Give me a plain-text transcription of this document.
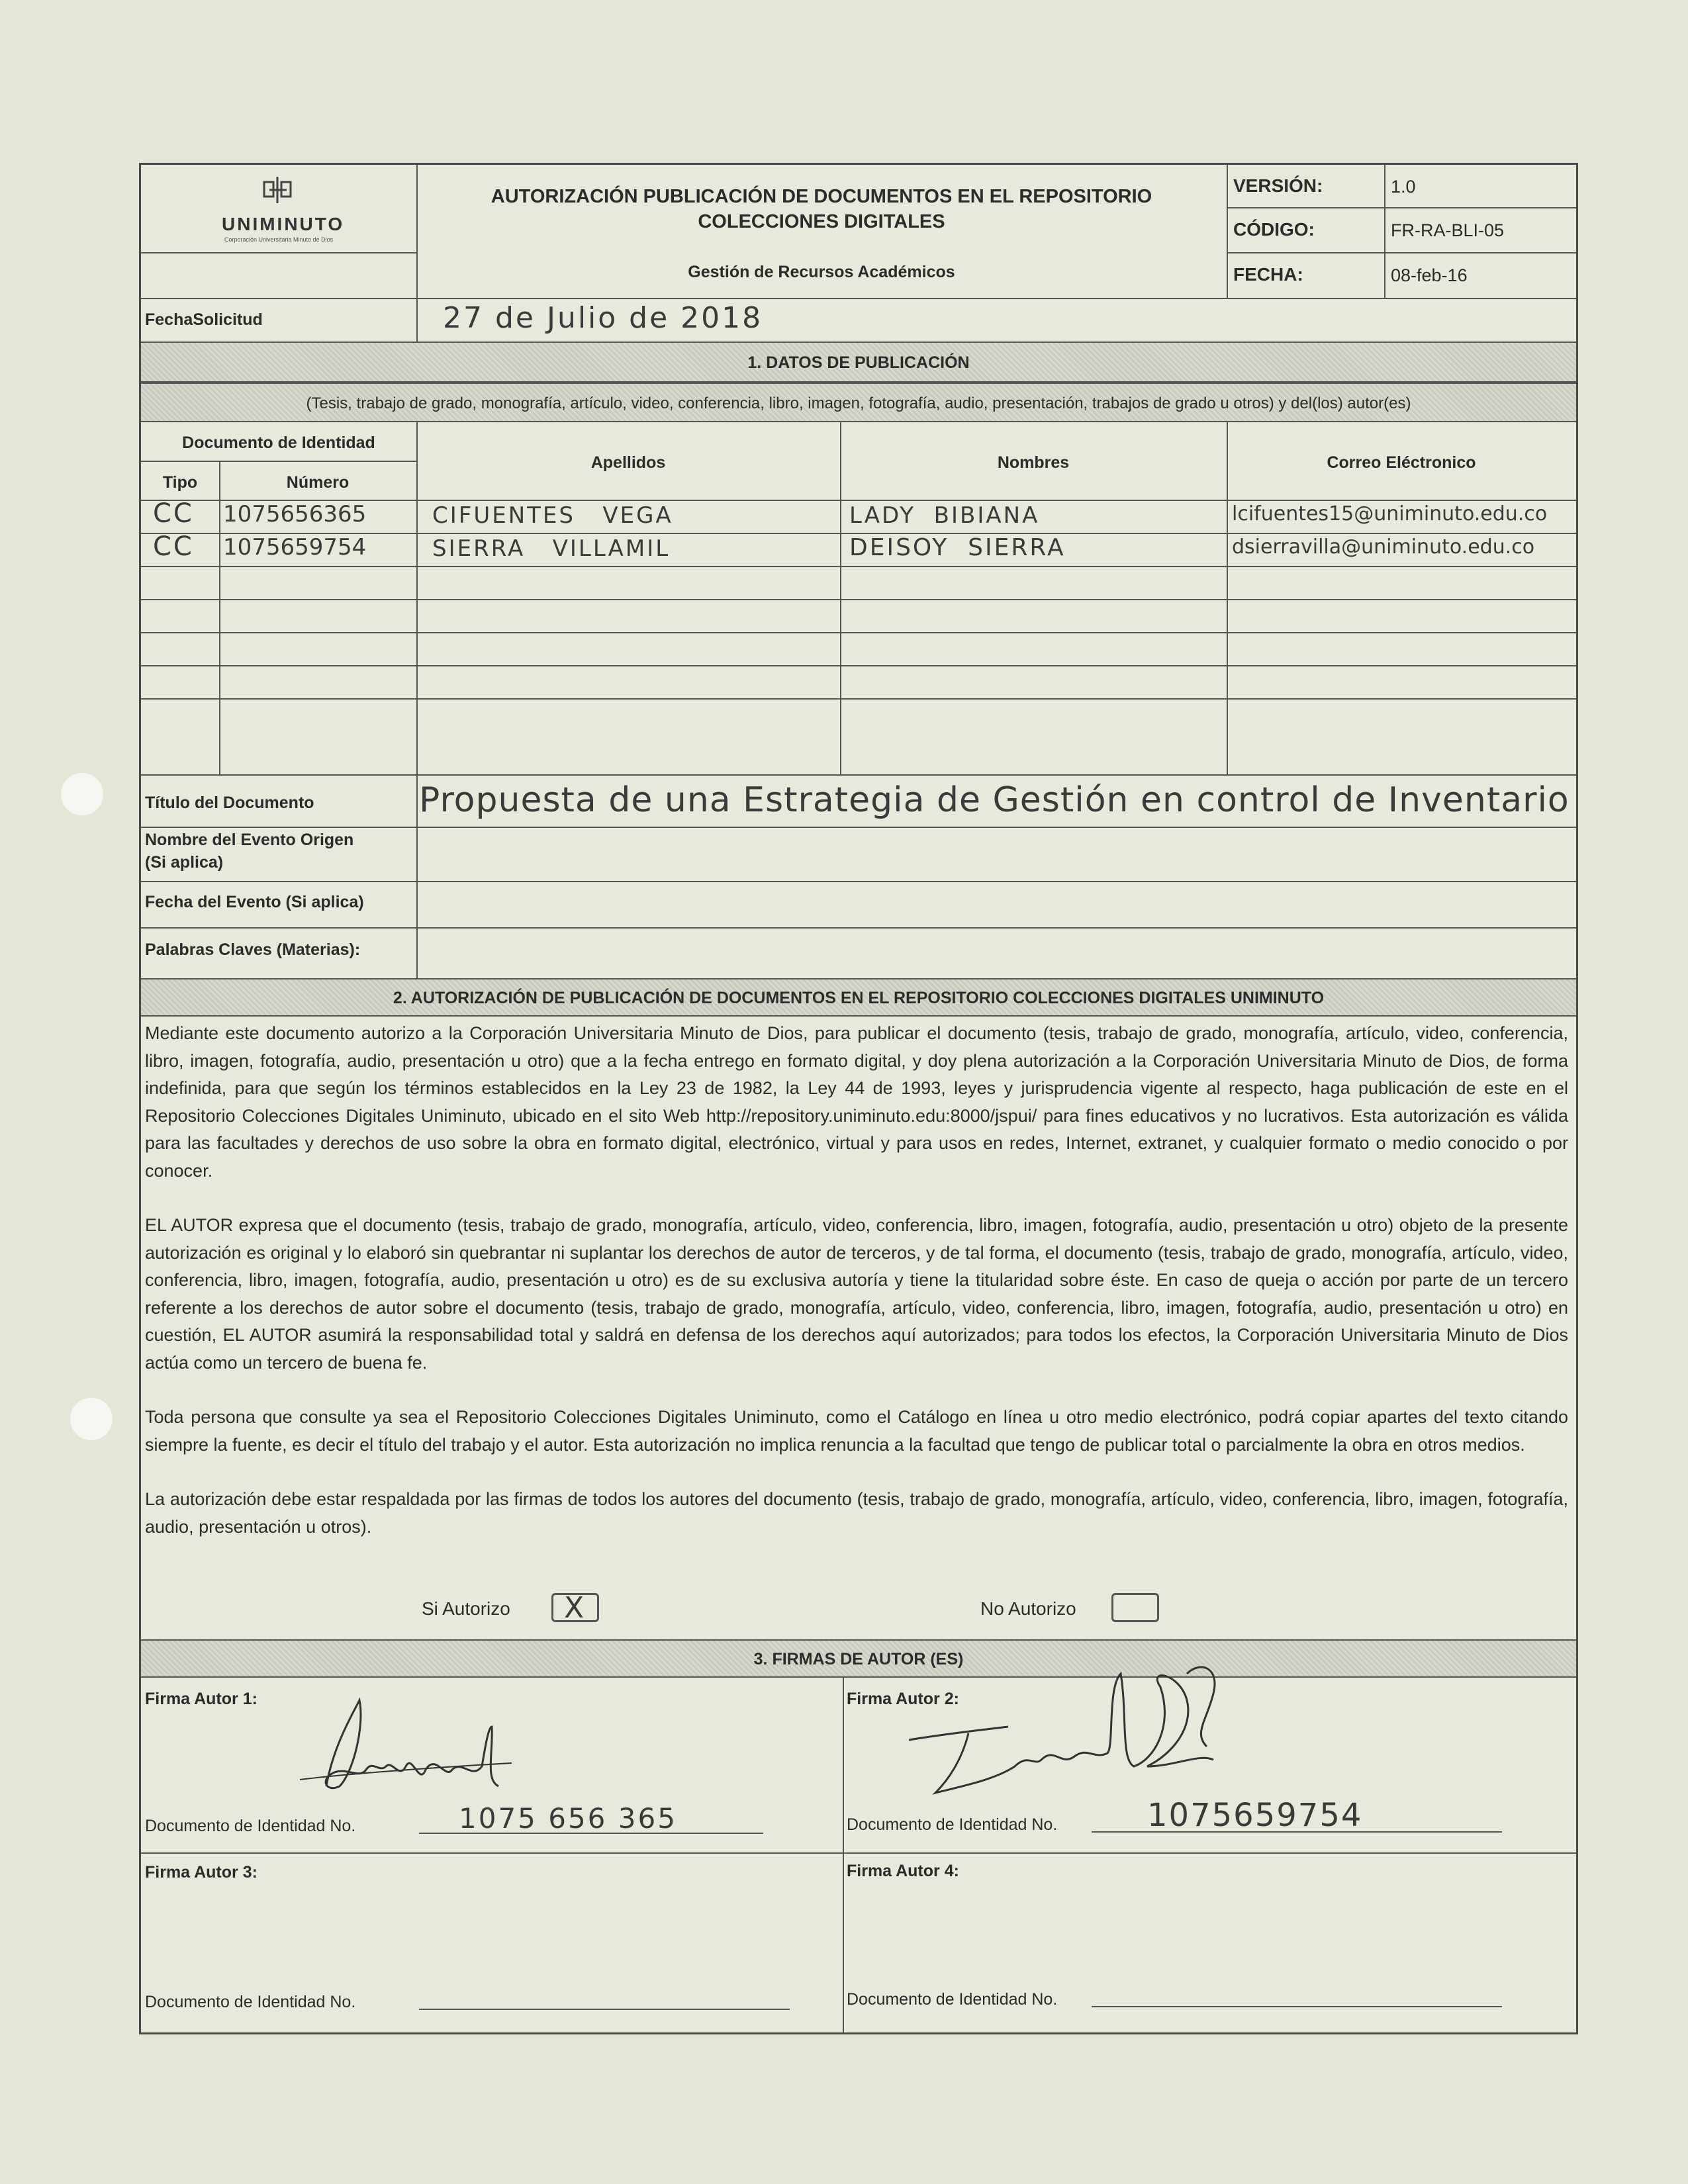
UNIMINUTO
Corporación Universitaria Minuto de Dios
AUTORIZACIÓN PUBLICACIÓN DE DOCUMENTOS EN EL REPOSITORIO
COLECCIONES DIGITALES
Gestión de Recursos Académicos
VERSIÓN:	1.0
CÓDIGO:	FR-RA-BLI-05
FECHA:	08-feb-16
FechaSolicitud	27 de Julio de 2018
1. DATOS DE PUBLICACIÓN
(Tesis, trabajo de grado, monografía, artículo, video, conferencia, libro, imagen, fotografía, audio, presentación, trabajos de grado u otros) y del(los) autor(es)
Documento de Identidad
Tipo	Número
Apellidos	Nombres	Correo Eléctronico
CC 1075656365	CIFUENTES   VEGA	LADY  BIBIANA	lcifuentes15@uniminuto.edu.co
CC 1075659754	SIERRA   VILLAMIL	DEISOY  SIERRA	dsierravilla@uniminuto.edu.co
Título del Documento	Propuesta de una Estrategia de Gestión en control de Inventario
Nombre del Evento Origen
(Si aplica)
Fecha del Evento (Si aplica)
Palabras Claves (Materias):
2. AUTORIZACIÓN DE PUBLICACIÓN DE DOCUMENTOS EN EL REPOSITORIO COLECCIONES DIGITALES UNIMINUTO

Mediante este documento autorizo a la Corporación Universitaria Minuto de Dios, para publicar el documento (tesis, trabajo de grado, monografía, artículo, video, conferencia, libro, imagen, fotografía, audio, presentación u otro) que a la fecha entrego en formato digital, y doy plena autorización a la Corporación Universitaria Minuto de Dios, de forma indefinida, para que según los términos establecidos en la Ley 23 de 1982, la Ley 44 de 1993, leyes y jurisprudencia vigente al respecto, haga publicación de este en el Repositorio Colecciones Digitales Uniminuto, ubicado en el sito Web http://repository.uniminuto.edu:8000/jspui/ para fines educativos y no lucrativos. Esta autorización es válida para las facultades y derechos de uso sobre la obra en formato digital, electrónico, virtual y para usos en redes, Internet, extranet, y cualquier formato o medio conocido o por conocer.

EL AUTOR expresa que el documento (tesis, trabajo de grado, monografía, artículo, video, conferencia, libro, imagen, fotografía, audio, presentación u otro) objeto de la presente autorización es original y lo elaboró sin quebrantar ni suplantar los derechos de autor de terceros, y de tal forma, el documento (tesis, trabajo de grado, monografía, artículo, video, conferencia, libro, imagen, fotografía, audio, presentación u otro) es de su exclusiva autoría y tiene la titularidad sobre éste. En caso de queja o acción por parte de un tercero referente a los derechos de autor sobre el documento (tesis, trabajo de grado, monografía, artículo, video, conferencia, libro, imagen, fotografía, audio, presentación u otro) en cuestión, EL AUTOR asumirá la responsabilidad total y saldrá en defensa de los derechos aquí autorizados; para todos los efectos, la Corporación Universitaria Minuto de Dios actúa como un tercero de buena fe.

Toda persona que consulte ya sea el Repositorio Colecciones Digitales Uniminuto, como el Catálogo en línea u otro medio electrónico, podrá copiar apartes del texto citando siempre la fuente, es decir el título del trabajo y el autor. Esta autorización no implica renuncia a la facultad que tengo de publicar total o parcialmente la obra en otros medios.

La autorización debe estar respaldada por las firmas de todos los autores del documento (tesis, trabajo de grado, monografía, artículo, video, conferencia, libro, imagen, fotografía, audio, presentación u otros).

Si Autorizo X	No Autorizo
3. FIRMAS DE AUTOR (ES)
Firma Autor 1:
Documento de Identidad No.	1075 656 365
Firma Autor 2:
Documento de Identidad No.	1075659754
Firma Autor 3:
Documento de Identidad No.
Firma Autor 4:
Documento de Identidad No.
